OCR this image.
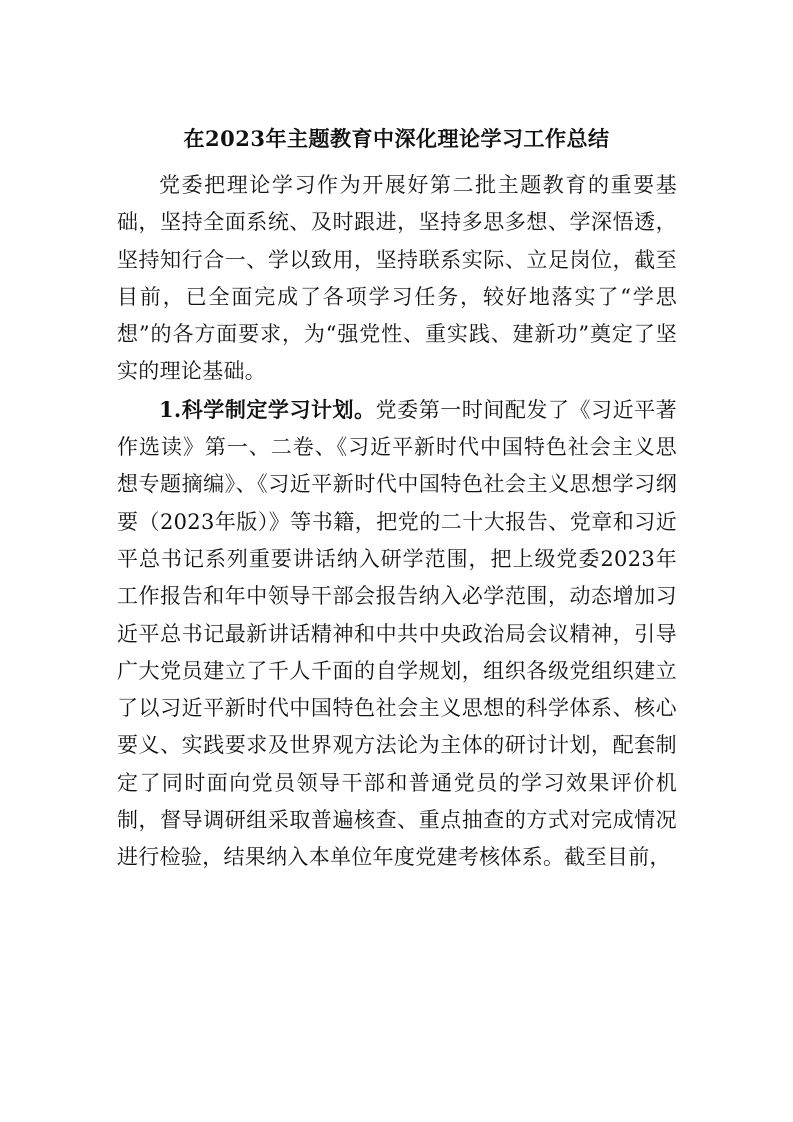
在2023年主题教育中深化理论学习工作总结

党委把理论学习作为开展好第二批主题教育的重要基础，坚持全面系统、及时跟进，坚持多思多想、学深悟透，坚持知行合一、学以致用，坚持联系实际、立足岗位，截至目前，已全面完成了各项学习任务，较好地落实了“学思想”的各方面要求，为“强党性、重实践、建新功”奠定了坚实的理论基础。

1.科学制定学习计划。党委第一时间配发了《习近平著作选读》第一、二卷、《习近平新时代中国特色社会主义思想专题摘编》、《习近平新时代中国特色社会主义思想学习纲要（2023年版）》等书籍，把党的二十大报告、党章和习近平总书记系列重要讲话纳入研学范围，把上级党委2023年工作报告和年中领导干部会报告纳入必学范围，动态增加习近平总书记最新讲话精神和中共中央政治局会议精神，引导广大党员建立了千人千面的自学规划，组织各级党组织建立了以习近平新时代中国特色社会主义思想的科学体系、核心要义、实践要求及世界观方法论为主体的研讨计划，配套制定了同时面向党员领导干部和普通党员的学习效果评价机制，督导调研组采取普遍核查、重点抽查的方式对完成情况进行检验，结果纳入本单位年度党建考核体系。截至目前，
